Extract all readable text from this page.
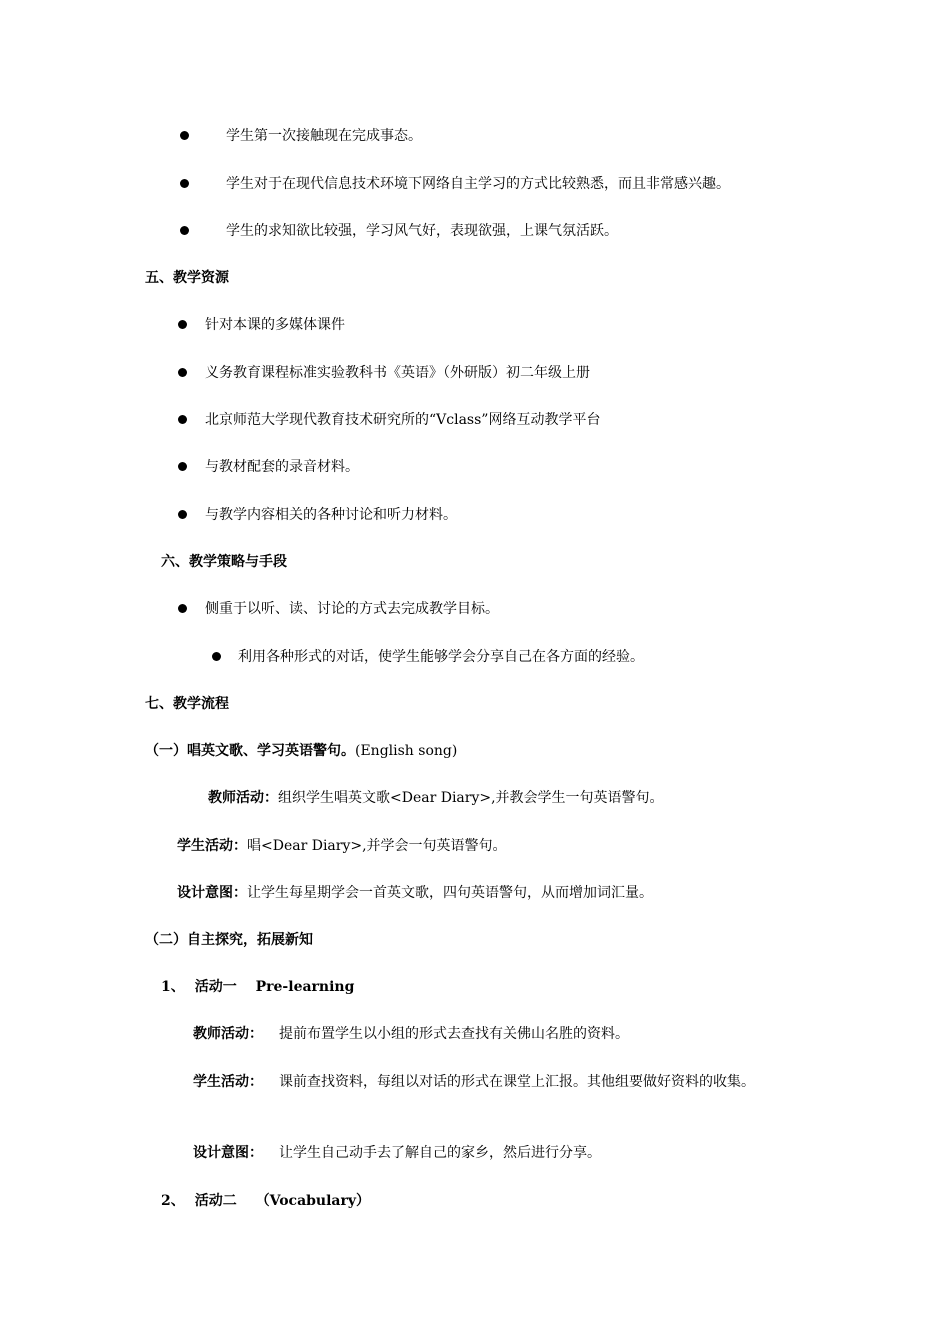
学生第一次接触现在完成事态。
学生对于在现代信息技术环境下网络自主学习的方式比较熟悉，而且非常感兴趣。
学生的求知欲比较强，学习风气好，表现欲强，上课气氛活跃。
五、教学资源
针对本课的多媒体课件
义务教育课程标准实验教科书《英语》（外研版）初二年级上册
北京师范大学现代教育技术研究所的“Vclass”网络互动教学平台
与教材配套的录音材料。
与教学内容相关的各种讨论和听力材料。
六、教学策略与手段
侧重于以听、读、讨论的方式去完成教学目标。
利用各种形式的对话，使学生能够学会分享自己在各方面的经验。
七、教学流程
（一）唱英文歌、学习英语警句。(English song)
教师活动：组织学生唱英文歌<Dear Diary>,并教会学生一句英语警句。
学生活动：唱<Dear Diary>,并学会一句英语警句。
设计意图：让学生每星期学会一首英文歌，四句英语警句，从而增加词汇量。
（二）自主探究，拓展新知
1、 活动一　 Pre-learning
教师活动： 提前布置学生以小组的形式去查找有关佛山名胜的资料。
学生活动： 课前查找资料，每组以对话的形式在课堂上汇报。其他组要做好资料的收集。
设计意图： 让学生自己动手去了解自己的家乡，然后进行分享。
2、 活动二　 （Vocabulary）
